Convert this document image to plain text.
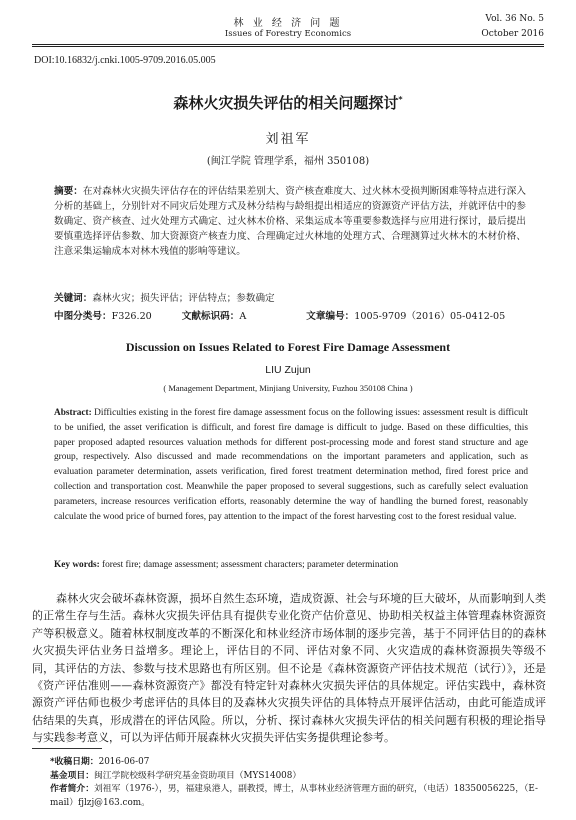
林 业 经 济 问 题
Issues of Forestry Economics
Vol. 36 No. 5
October 2016
DOI:10.16832/j.cnki.1005-9709.2016.05.005
森林火灾损失评估的相关问题探讨*
刘祖军
(闽江学院 管理学系，福州 350108)
摘要：在对森林火灾损失评估存在的评估结果差别大、资产核查难度大、过火林木受损判断困难等特点进行深入分析的基础上，分别针对不同灾后处理方式及林分结构与龄组提出相适应的资源资产评估方法，并就评估中的参数确定、资产核查、过火处理方式确定、过火林木价格、采集运成本等重要参数选择与应用进行探讨，最后提出要慎重选择评估参数、加大资源资产核查力度、合理确定过火林地的处理方式、合理测算过火林木的木材价格、注意采集运输成本对林木残值的影响等建议。
关键词：森林火灾；损失评估；评估特点；参数确定
中图分类号：F326.20	文献标识码：A	文章编号：1005-9709（2016）05-0412-05
Discussion on Issues Related to Forest Fire Damage Assessment
LIU Zujun
( Management Department, Minjiang University, Fuzhou 350108 China )
Abstract: Difficulties existing in the forest fire damage assessment focus on the following issues: assessment result is difficult to be unified, the asset verification is difficult, and forest fire damage is difficult to judge. Based on these difficulties, this paper proposed adapted resources valuation methods for different post-processing mode and forest stand structure and age group, respectively. Also discussed and made recommendations on the important parameters and application, such as evaluation parameter determination, assets verification, fired forest treatment determination method, fired forest price and collection and transportation cost. Meanwhile the paper proposed to several suggestions, such as carefully select evaluation parameters, increase resources verification efforts, reasonably determine the way of handling the burned forest, reasonably calculate the wood price of burned fores, pay attention to the impact of the forest harvesting cost to the forest residual value.
Key words: forest fire; damage assessment; assessment characters; parameter determination
森林火灾会破坏森林资源，损坏自然生态环境，造成资源、社会与环境的巨大破坏，从而影响到人类的正常生存与生活。森林火灾损失评估具有提供专业化资产估价意见、协助相关权益主体管理森林资源资产等积极意义。随着林权制度改革的不断深化和林业经济市场体制的逐步完善，基于不同评估目的的森林火灾损失评估业务日益增多。理论上，评估目的不同、评估对象不同、火灾造成的森林资源损失等级不同，其评估的方法、参数与技术思路也有所区别。但不论是《森林资源资产评估技术规范（试行）》，还是《资产评估准则——森林资源资产》都没有特定针对森林火灾损失评估的具体规定。评估实践中，森林资源资产评估师也极少考虑评估的具体目的及森林火灾损失评估的具体特点开展评估活动，由此可能造成评估结果的失真，形成潜在的评估风险。所以，分析、探讨森林火灾损失评估的相关问题有积极的理论指导与实践参考意义，可以为评估师开展森林火灾损失评估实务提供理论参考。
*收稿日期：2016-06-07
基金项目：闽江学院校级科学研究基金资助项目（MYS14008）
作者简介：刘祖军（1976-），男，福建泉港人，副教授，博士，从事林业经济管理方面的研究，（电话）18350056225，（E-mail）fjlzj@163.com。
